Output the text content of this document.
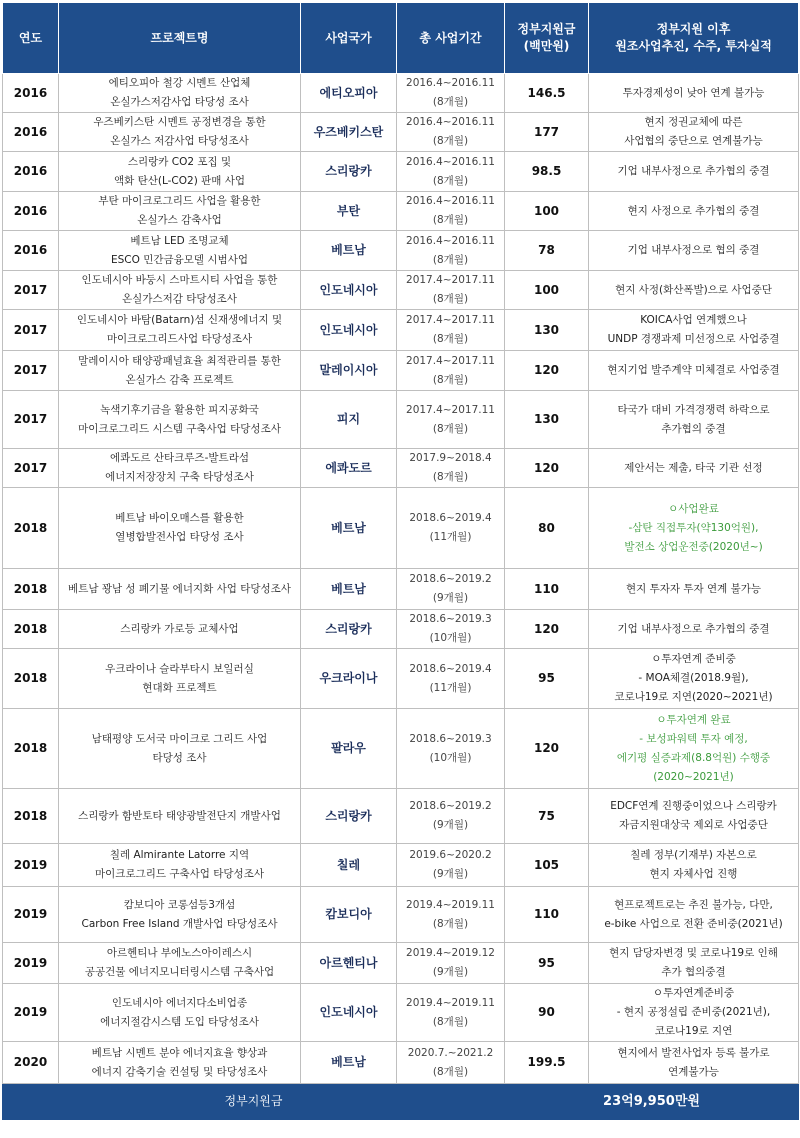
연도	프로젝트명	사업국가	총 사업기간	정부지원금
(백만원)	정부지원 이후
원조사업추진, 수주, 투자실적

2016	에티오피아 철강 시멘트 산업체
온실가스저감사업 타당성 조사	에티오피아	2016.4~2016.11
(8개월)	146.5	투자경제성이 낮아 연계 불가능

2016	우즈베키스탄 시멘트 공정변경을 통한
온실가스 저감사업 타당성조사	우즈베키스탄	2016.4~2016.11
(8개월)	177	현지 정권교체에 따른
사업협의 중단으로 연계불가능

2016	스리랑카 CO2 포집 및
액화 탄산(L-CO2) 판매 사업	스리랑카	2016.4~2016.11
(8개월)	98.5	기업 내부사정으로 추가협의 중결

2016	부탄 마이크로그리드 사업을 활용한
온실가스 감축사업	부탄	2016.4~2016.11
(8개월)	100	현지 사정으로 추가협의 중결

2016	베트남 LED 조명교체
ESCO 민간금융모델 시범사업	베트남	2016.4~2016.11
(8개월)	78	기업 내부사정으로 협의 중결

2017	인도네시아 바둥시 스마트시티 사업을 통한
온실가스저감 타당성조사	인도네시아	2017.4~2017.11
(8개월)	100	현지 사정(화산폭발)으로 사업중단

2017	인도네시아 바탐(Batarn)섬 신재생에너지 및
마이크로그리드사업 타당성조사	인도네시아	2017.4~2017.11
(8개월)	130	KOICA사업 연계했으나
UNDP 경쟁과제 미선정으로 사업중결

2017	말레이시아 태양광패널효율 최적관리를 통한
온실가스 감축 프로젝트	말레이시아	2017.4~2017.11
(8개월)	120	현지기업 발주계약 미체결로 사업중결

2017	녹색기후기금을 활용한 피지공화국
마이크로그리드 시스템 구축사업 타당성조사	피지	2017.4~2017.11
(8개월)	130	타국가 대비 가격경쟁력 하락으로
추가협의 중결

2017	에콰도르 산타크루즈-발트라섬
에너지저장장치 구축 타당성조사	에콰도르	2017.9~2018.4
(8개월)	120	제안서는 제출, 타국 기관 선정

2018	베트남 바이오매스를 활용한
열병합발전사업 타당성 조사	베트남	2018.6~2019.4
(11개월)	80	ㅇ사업완료
-삼탄 직접투자(약130억원),
발전소 상업운전중(2020년~)

2018	베트남 꽝남 성 폐기물 에너지화 사업 타당성조사	베트남	2018.6~2019.2
(9개월)	110	현지 투자자 투자 연계 불가능

2018	스리랑카 가로등 교체사업	스리랑카	2018.6~2019.3
(10개월)	120	기업 내부사정으로 추가협의 중결

2018	우크라이나 슬라부타시 보일러실
현대화 프로젝트	우크라이나	2018.6~2019.4
(11개월)	95	ㅇ투자연계 준비중
- MOA체결(2018.9월),
코로나19로 지연(2020~2021년)

2018	남태평양 도서국 마이크로 그리드 사업
타당성 조사	팔라우	2018.6~2019.3
(10개월)	120	ㅇ투자연계 완료
- 보성파워텍 투자 예정,
에기평 실증과제(8.8억원) 수행중
(2020~2021년)

2018	스리랑카 함반토타 태양광발전단지 개발사업	스리랑카	2018.6~2019.2
(9개월)	75	EDCF연계 진행중이었으나 스리랑카
자금지원대상국 제외로 사업중단

2019	칠레 Almirante Latorre 지역
마이크로그리드 구축사업 타당성조사	칠레	2019.6~2020.2
(9개월)	105	칠레 정부(기재부) 자본으로
현지 자체사업 진행

2019	캄보디아 코롱섬등3개섬
Carbon Free Island 개발사업 타당성조사	캄보디아	2019.4~2019.11
(8개월)	110	현프로젝트로는 추진 불가능, 다만,
e-bike 사업으로 전환 준비중(2021년)

2019	아르헨티나 부에노스아이레스시
공공건물 에너지모니터링시스템 구축사업	아르헨티나	2019.4~2019.12
(9개월)	95	현지 담당자변경 및 코로나19로 인해
추가 협의중결

2019	인도네시아 에너지다소비업종
에너지절감시스템 도입 타당성조사	인도네시아	2019.4~2019.11
(8개월)	90	ㅇ투자연계준비중
- 현지 공정설립 준비중(2021년),
코로나19로 지연

2020	베트남 시멘트 분야 에너지효율 향상과
에너지 감축기술 컨설팅 및 타당성조사	베트남	2020.7.~2021.2
(8개월)	199.5	현지에서 발전사업자 등록 불가로
연계불가능

정부지원금				23억9,950만원	
